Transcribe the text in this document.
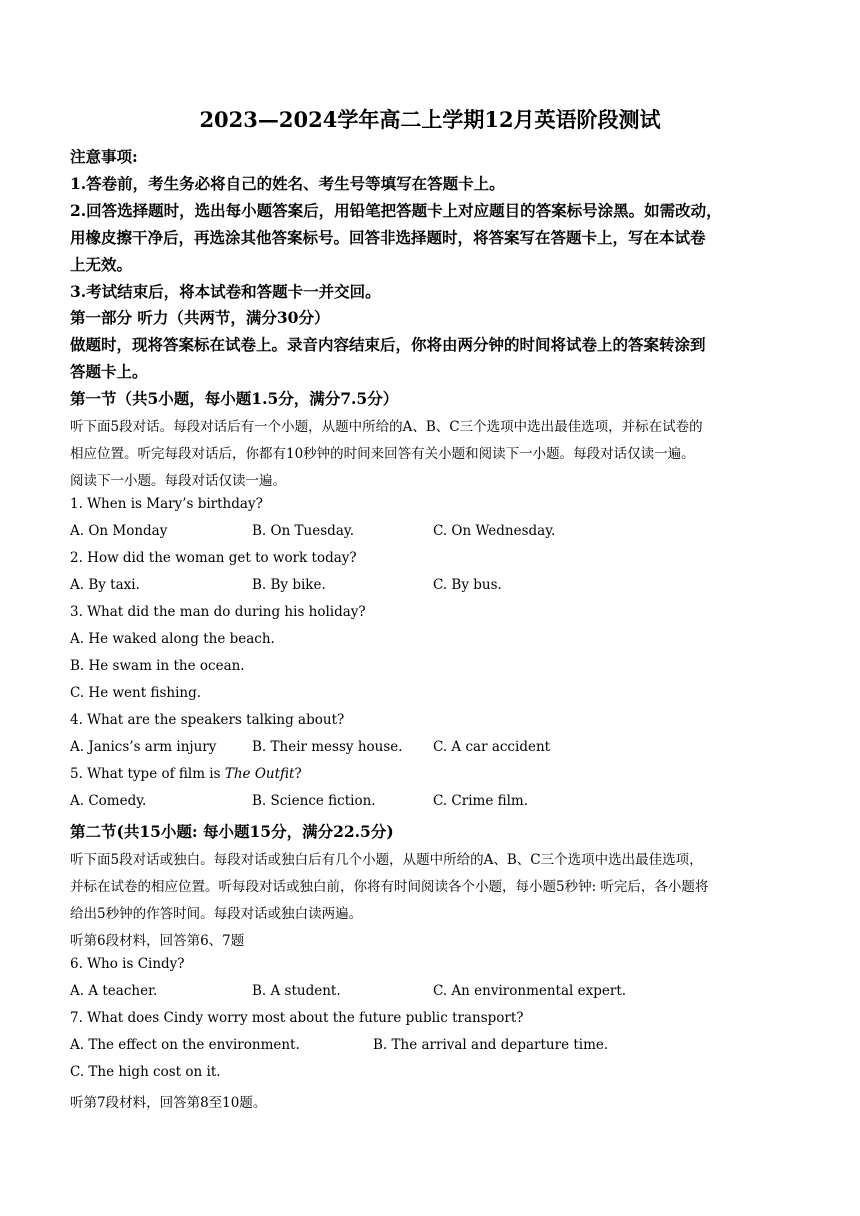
2023—2024学年高二上学期12月英语阶段测试
注意事项:
1.答卷前，考生务必将自己的姓名、考生号等填写在答题卡上。
2.回答选择题时，选出每小题答案后，用铅笔把答题卡上对应题目的答案标号涂黑。如需改动，
用橡皮擦干净后，再选涂其他答案标号。回答非选择题时，将答案写在答题卡上，写在本试卷
上无效。
3.考试结束后，将本试卷和答题卡一并交回。
第一部分 听力（共两节，满分30分）
做题时，现将答案标在试卷上。录音内容结束后，你将由两分钟的时间将试卷上的答案转涂到
答题卡上。
第一节（共5小题，每小题1.5分，满分7.5分）
听下面5段对话。每段对话后有一个小题，从题中所给的A、B、C三个选项中选出最佳选项，并标在试卷的
相应位置。听完每段对话后，你都有10秒钟的时间来回答有关小题和阅读下一小题。每段对话仅读一遍。
阅读下一小题。每段对话仅读一遍。
1. When is Mary’s birthday?
A. On Monday	B. On Tuesday.	C. On Wednesday.
2. How did the woman get to work today?
A. By taxi.	B. By bike.	C. By bus.
3. What did the man do during his holiday?
A. He waked along the beach.
B. He swam in the ocean.
C. He went fishing.
4. What are the speakers talking about?
A. Janics’s arm injury	B. Their messy house. C. A car accident
5. What type of film is The Outfit?
A. Comedy.	B. Science fiction.	C. Crime film.
第二节(共15小题: 每小题15分，满分22.5分)
听下面5段对话或独白。每段对话或独白后有几个小题，从题中所给的A、B、C三个选项中选出最佳选项，
并标在试卷的相应位置。听每段对话或独白前，你将有时间阅读各个小题，每小题5秒钟: 听完后，各小题将
给出5秒钟的作答时间。每段对话或独白读两遍。
听第6段材料，回答第6、7题
6. Who is Cindy?
A. A teacher.	B. A student.	C. An environmental expert.
7. What does Cindy worry most about the future public transport?
A. The effect on the environment.	B. The arrival and departure time.
C. The high cost on it.
听第7段材料，回答第8至10题。
